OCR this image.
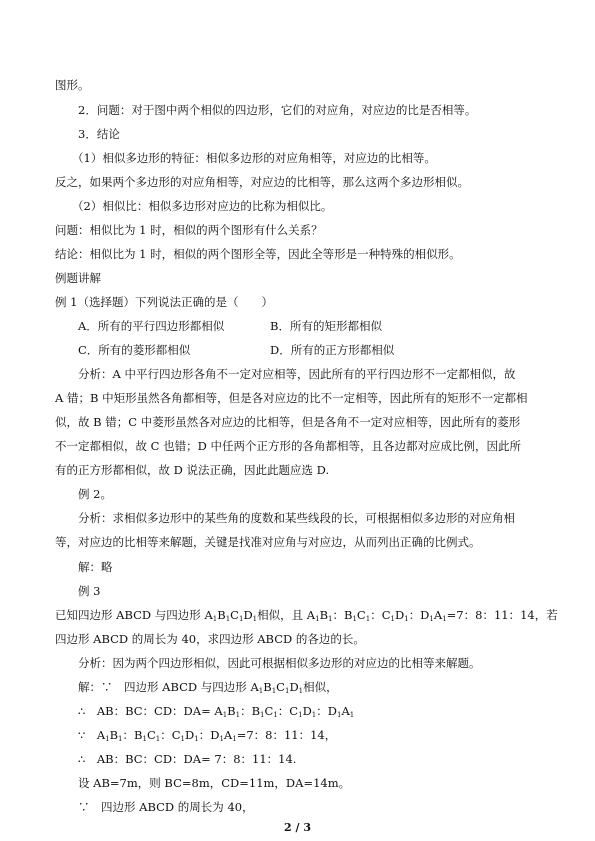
图形。
2．问题：对于图中两个相似的四边形，它们的对应角，对应边的比是否相等。
3．结论
（1）相似多边形的特征：相似多边形的对应角相等，对应边的比相等。
反之，如果两个多边形的对应角相等，对应边的比相等，那么这两个多边形相似。
（2）相似比：相似多边形对应边的比称为相似比。
问题：相似比为 1 时，相似的两个图形有什么关系？
结论：相似比为 1 时，相似的两个图形全等，因此全等形是一种特殊的相似形。
例题讲解
例 1（选择题）下列说法正确的是（　　）
A．所有的平行四边形都相似	B．所有的矩形都相似
C．所有的菱形都相似	D．所有的正方形都相似
分析：A 中平行四边形各角不一定对应相等，因此所有的平行四边形不一定都相似，故
A 错；B 中矩形虽然各角都相等，但是各对应边的比不一定相等，因此所有的矩形不一定都相
似，故 B 错；C 中菱形虽然各对应边的比相等，但是各角不一定对应相等，因此所有的菱形
不一定都相似，故 C 也错；D 中任两个正方形的各角都相等，且各边都对应成比例，因此所
有的正方形都相似，故 D 说法正确，因此此题应选 D.
例 2。
分析：求相似多边形中的某些角的度数和某些线段的长，可根据相似多边形的对应角相
等，对应边的比相等来解题，关键是找准对应角与对应边，从而列出正确的比例式。
解：略
例 3
已知四边形 ABCD 与四边形 $A_1B_1C_1D_1$相似，且 $A_1B_1$：$B_1C_1$：$C_1D_1$：$D_1A_1=7$：8：11：14，若
四边形 ABCD 的周长为 40，求四边形 ABCD 的各边的长。
分析：因为两个四边形相似，因此可根据相似多边形的对应边的比相等来解题。
解：∵　四边形 ABCD 与四边形 $A_1B_1C_1D_1$相似，
∴　AB：BC：CD：$DA= A_1B_1$：$B_1C_1$：$C_1D_1$：$D_1A_1$
∵　$A_1B_1$：$B_1C_1$：$C_1D_1$：$D_1A_1=7$：8：11：14，
∴　AB：BC：CD：DA= 7：8：11：14.
设 AB=7m，则 BC=8m，CD=11m，DA=14m。
∵　四边形 ABCD 的周长为 40，
2 / 3
